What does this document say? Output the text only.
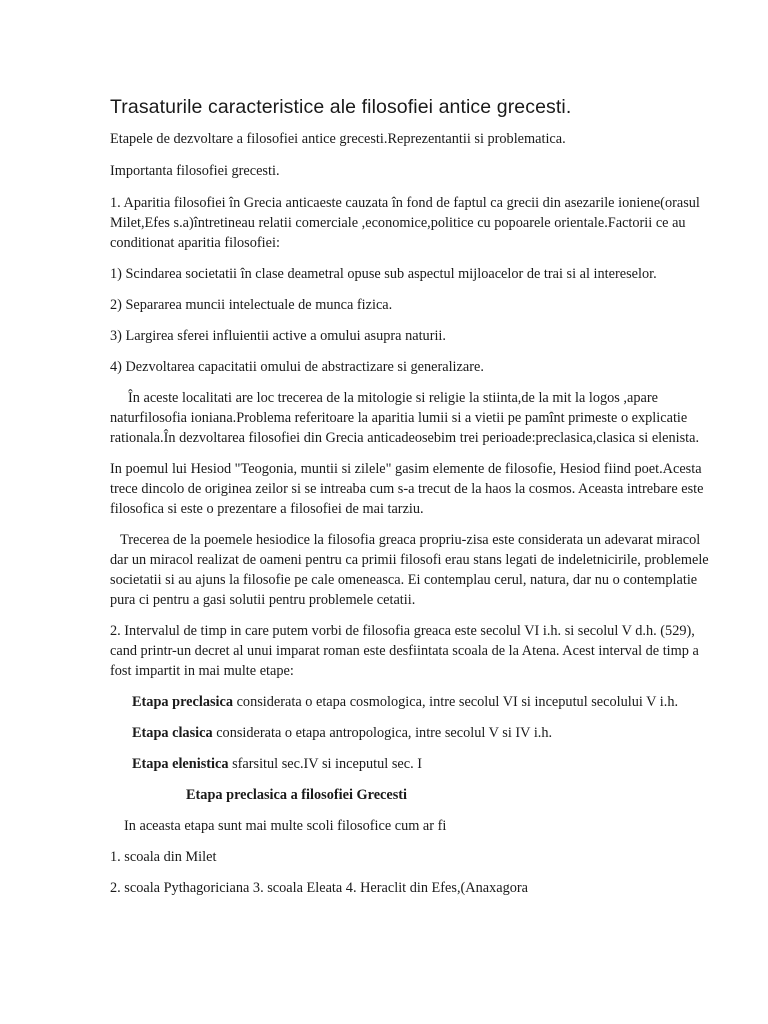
Trasaturile caracteristice ale filosofiei antice grecesti.

Etapele de dezvoltare a filosofiei antice grecesti.Reprezentantii si problematica.

Importanta filosofiei grecesti.

1. Aparitia filosofiei în Grecia anticaeste cauzata în fond de faptul ca grecii din asezarile ionienе(orasul Milet,Efes s.a)întretineau relatii comerciale ,economice,politice cu popoarele orientale.Factorii ce au conditionat aparitia filosofiei:

1) Scindarea societatii în clase deametral opuse sub aspectul mijloacelor de trai si al intereselor.

2) Separarea muncii intelectuale de munca fizica.

3) Largirea sferei influientii active a omului asupra naturii.

4) Dezvoltarea capacitatii omului de abstractizare si generalizare.

În aceste localitati are loc trecerea de la mitologie si religie la stiinta,de la mit la logos ,apare naturfilosofia ioniana.Problema referitoare la aparitia lumii si a vietii pe pamînt primeste o explicatie rationala.În dezvoltarea filosofiei din Grecia anticadeosebim trei perioade:preclasica,clasica si elenista.

In poemul lui Hesiod "Teogonia, muntii si zilele" gasim elemente de filosofie, Hesiod fiind poet.Acesta trece dincolo de originea zeilor si se intreaba cum s-a trecut de la haos la cosmos. Aceasta intrebare este filosofica si este o prezentare a filosofiei de mai tarziu.

Trecerea de la poemele hesiodice la filosofia greaca propriu-zisa este considerata un adevarat miracol dar un miracol realizat de oameni pentru ca primii filosofi erau stans legati de indeletnicirile, problemele societatii si au ajuns la filosofie pe cale omeneasca. Ei contemplau cerul, natura, dar nu o contemplatie pura ci pentru a gasi solutii pentru problemele cetatii.

2. Intervalul de timp in care putem vorbi de filosofia greaca este secolul VI i.h. si secolul V d.h. (529), cand printr-un decret al unui imparat roman este desfiintata scoala de la Atena. Acest interval de timp a fost impartit in mai multe etape:

Etapa preclasica considerata o etapa cosmologica, intre secolul VI si inceputul secolului V i.h.

Etapa clasica considerata o etapa antropologica, intre secolul V si IV i.h.

Etapa elenistica sfarsitul sec.IV si inceputul sec. I

Etapa preclasica a filosofiei Grecesti

In aceasta etapa sunt mai multe scoli filosofice cum ar fi

1. scoala din Milet

2. scoala Pythagoriciana 3. scoala Eleata 4. Heraclit din Efes,(Anaxagora
